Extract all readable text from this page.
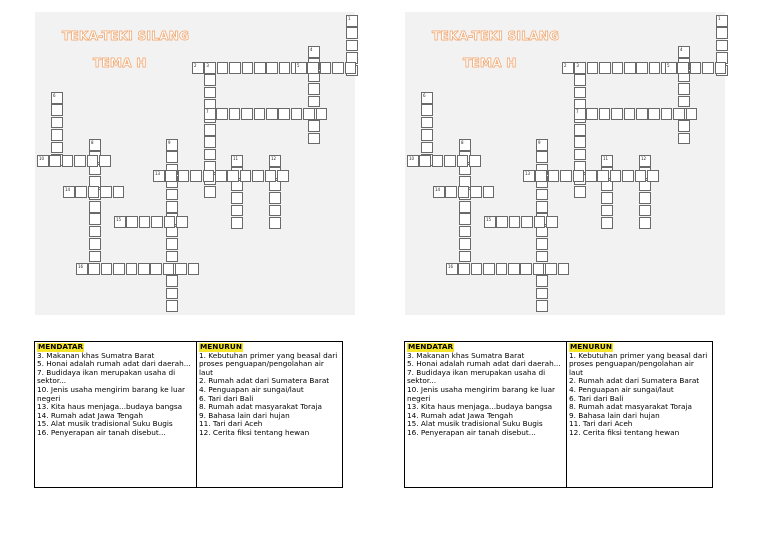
TEKA-TEKI SILANG
TEMA H
1
2 3
4
5
7
6
8	9
10	11	12
13
14
15
16
MENDATAR
3. Makanan khas Sumatra Barat
5. Honai adalah rumah adat dari daerah...
7. Budidaya ikan merupakan usaha di sektor...
10. Jenis usaha mengirim barang ke luar negeri
13. Kita haus menjaga...budaya bangsa
14. Rumah adat Jawa Tengah
15. Alat musik tradisional Suku Bugis
16. Penyerapan air tanah disebut...
MENURUN
1. Kebutuhan primer yang beasal dari proses penguapan/pengolahan air laut
2. Rumah adat dari Sumatera Barat
4. Penguapan air sungai/laut
6. Tari dari Bali
8. Rumah adat masyarakat Toraja
9. Bahasa lain dari hujan
11. Tari dari Aceh
12. Cerita fiksi tentang hewan
TEKA-TEKI SILANG
TEMA H
1
2 3
4
5
7
6
8	9
10	11	12
13
14
15
16
MENDATAR
3. Makanan khas Sumatra Barat
5. Honai adalah rumah adat dari daerah...
7. Budidaya ikan merupakan usaha di sektor...
10. Jenis usaha mengirim barang ke luar negeri
13. Kita haus menjaga...budaya bangsa
14. Rumah adat Jawa Tengah
15. Alat musik tradisional Suku Bugis
16. Penyerapan air tanah disebut...
MENURUN
1. Kebutuhan primer yang beasal dari proses penguapan/pengolahan air laut
2. Rumah adat dari Sumatera Barat
4. Penguapan air sungai/laut
6. Tari dari Bali
8. Rumah adat masyarakat Toraja
9. Bahasa lain dari hujan
11. Tari dari Aceh
12. Cerita fiksi tentang hewan
